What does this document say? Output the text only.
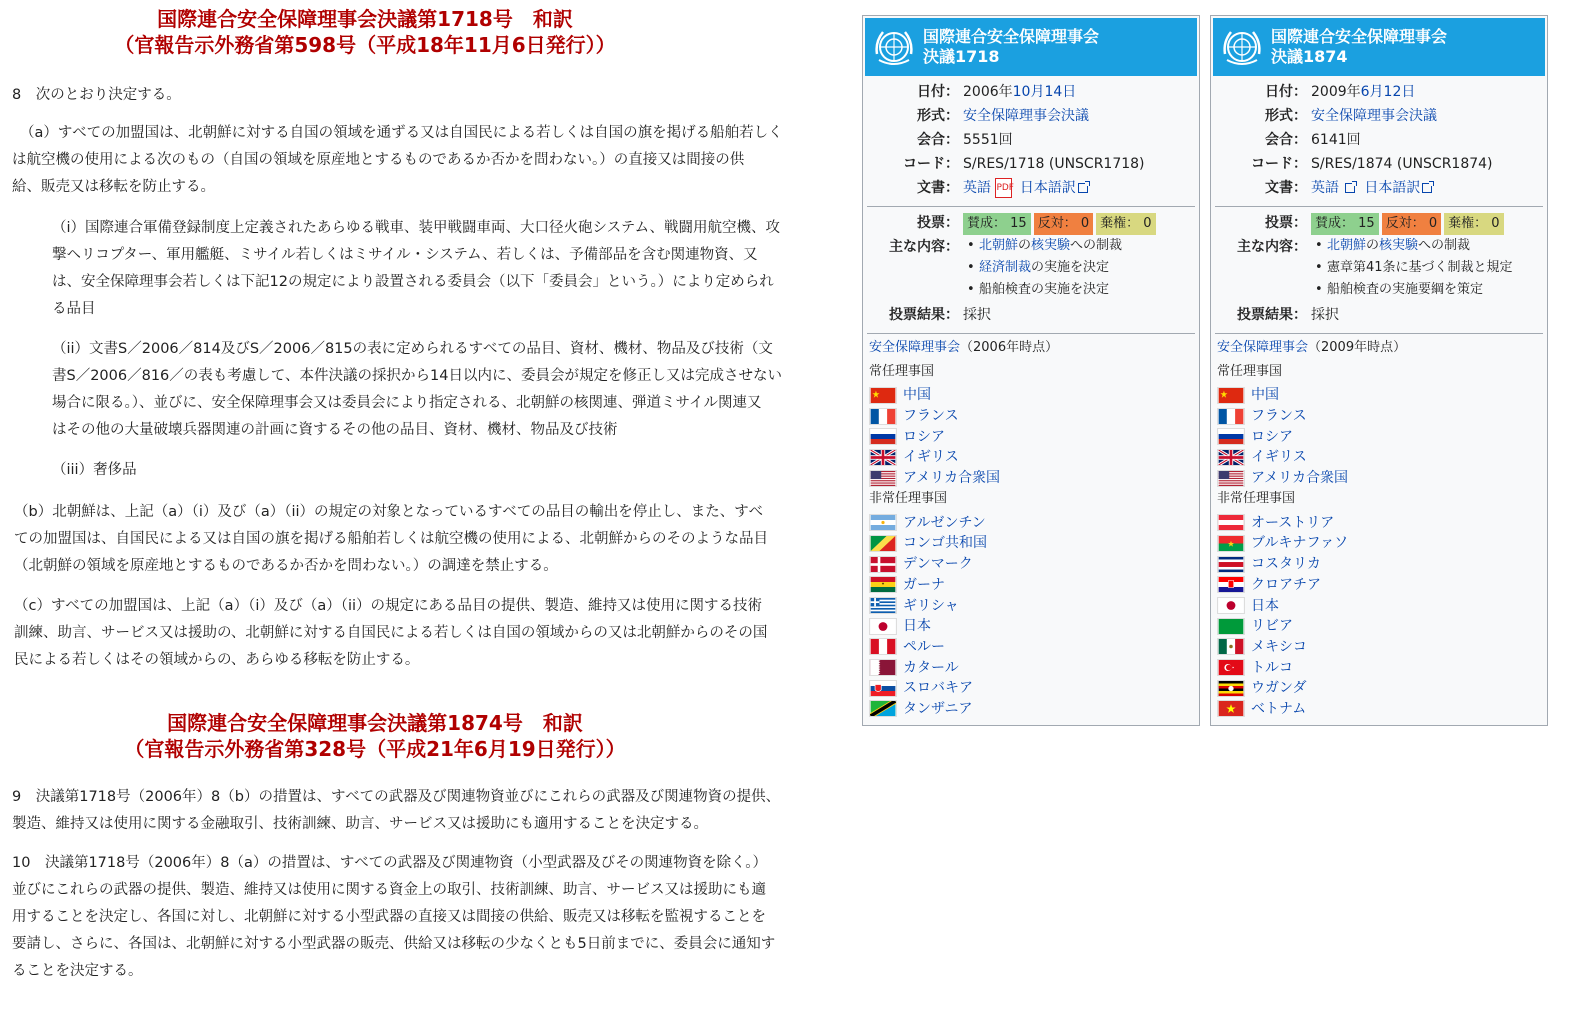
国際連合安全保障理事会決議第1718号　和訳
（官報告示外務省第598号（平成18年11月6日発行））
8　次のとおり決定する。
（a）すべての加盟国は、北朝鮮に対する自国の領域を通ずる又は自国民による若しくは自国の旗を掲げる船舶若しく
は航空機の使用による次のもの（自国の領域を原産地とするものであるか否かを問わない。）の直接又は間接の供
給、販売又は移転を防止する。
（i）国際連合軍備登録制度上定義されたあらゆる戦車、装甲戦闘車両、大口径火砲システム、戦闘用航空機、攻
撃ヘリコプター、軍用艦艇、ミサイル若しくはミサイル・システム、若しくは、予備部品を含む関連物資、又
は、安全保障理事会若しくは下記12の規定により設置される委員会（以下「委員会」という。）により定められ
る品目
（ii）文書S／2006／814及びS／2006／815の表に定められるすべての品目、資材、機材、物品及び技術（文
書S／2006／816／の表も考慮して、本件決議の採択から14日以内に、委員会が規定を修正し又は完成させない
場合に限る。）、並びに、安全保障理事会又は委員会により指定される、北朝鮮の核関連、弾道ミサイル関連又
はその他の大量破壊兵器関連の計画に資するその他の品目、資材、機材、物品及び技術
（iii）奢侈品
（b）北朝鮮は、上記（a）（i）及び（a）（ii）の規定の対象となっているすべての品目の輸出を停止し、また、すべ
ての加盟国は、自国民による又は自国の旗を掲げる船舶若しくは航空機の使用による、北朝鮮からのそのような品目
（北朝鮮の領域を原産地とするものであるか否かを問わない。）の調達を禁止する。
（c）すべての加盟国は、上記（a）（i）及び（a）（ii）の規定にある品目の提供、製造、維持又は使用に関する技術
訓練、助言、サービス又は援助の、北朝鮮に対する自国民による若しくは自国の領域からの又は北朝鮮からのその国
民による若しくはその領域からの、あらゆる移転を防止する。
国際連合安全保障理事会決議第1874号　和訳
（官報告示外務省第328号（平成21年6月19日発行））
9　決議第1718号（2006年）8（b）の措置は、すべての武器及び関連物資並びにこれらの武器及び関連物資の提供、
製造、維持又は使用に関する金融取引、技術訓練、助言、サービス又は援助にも適用することを決定する。
10　決議第1718号（2006年）8（a）の措置は、すべての武器及び関連物資（小型武器及びその関連物資を除く。）
並びにこれらの武器の提供、製造、維持又は使用に関する資金上の取引、技術訓練、助言、サービス又は援助にも適
用することを決定し、各国に対し、北朝鮮に対する小型武器の直接又は間接の供給、販売又は移転を監視することを
要請し、さらに、各国は、北朝鮮に対する小型武器の販売、供給又は移転の少なくとも5日前までに、委員会に通知す
ることを決定する。
国際連合安全保障理事会
決議1718
日付： 2006年10月14日
形式： 安全保障理事会決議
会合： 5551回
コード： S/RES/1718 (UNSCR1718)
文書： 英語 PDF 日本語訳
投票： 賛成： 15 反対： 0 棄権： 0
主な内容：	• 北朝鮮の核実験への制裁
• 経済制裁の実施を決定
• 船舶検査の実施を決定
投票結果： 採択
安全保障理事会（2006年時点）
常任理事国
中国
フランス
ロシア
イギリス
アメリカ合衆国
非常任理事国
アルゼンチン
コンゴ共和国
デンマーク
ガーナ
ギリシャ
日本
ペルー
カタール
スロバキア
タンザニア
国際連合安全保障理事会
決議1874
日付： 2009年6月12日
形式： 安全保障理事会決議
会合： 6141回
コード： S/RES/1874 (UNSCR1874)
文書： 英語 日本語訳
投票： 賛成： 15 反対： 0 棄権： 0
主な内容：	• 北朝鮮の核実験への制裁
• 憲章第41条に基づく制裁と規定
• 船舶検査の実施要綱を策定
投票結果： 採択
安全保障理事会（2009年時点）
常任理事国
中国
フランス
ロシア
イギリス
アメリカ合衆国
非常任理事国
オーストリア
ブルキナファソ
コスタリカ
クロアチア
日本
リビア
メキシコ
トルコ
ウガンダ
ベトナム
